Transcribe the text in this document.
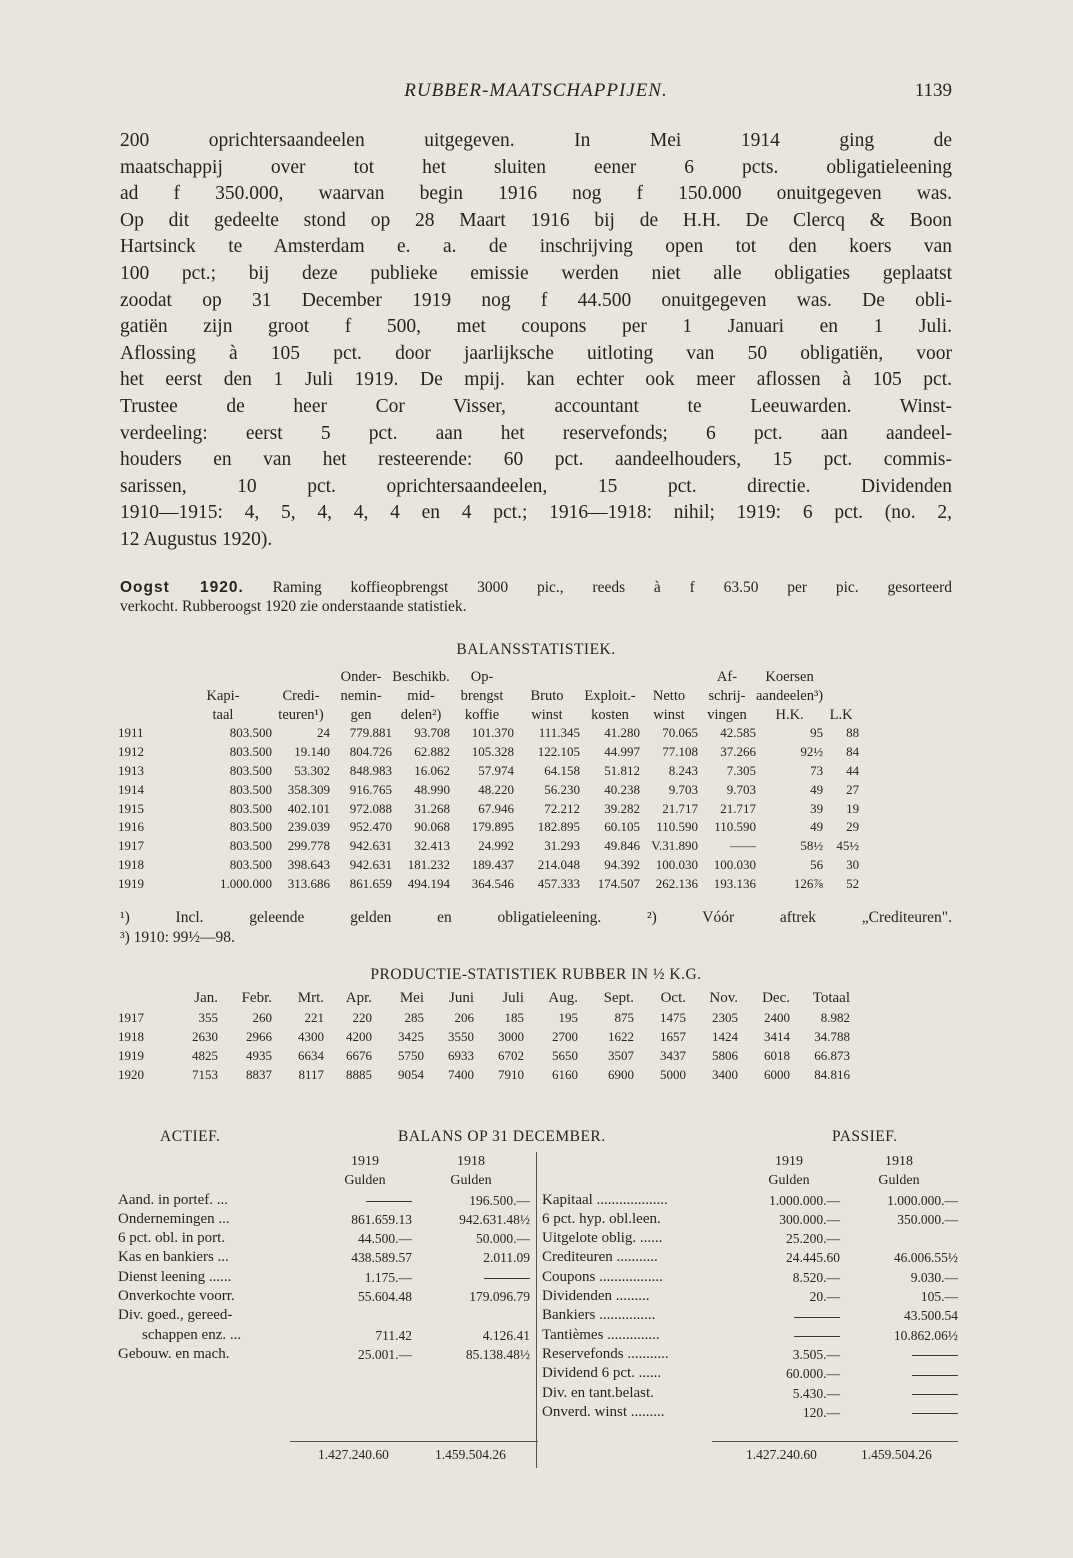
RUBBER-MAATSCHAPPIJEN.	1139
200	oprichtersaandeelen uitgegeven. In Mei 1914 ging de
maatschappij over tot het sluiten eener 6 pcts. obligatieleening
ad f 350.000, waarvan begin 1916 nog f 150.000 onuitgegeven was.
Op dit gedeelte stond op 28 Maart 1916 bij de H.H. De Clercq & Boon
Hartsinck te Amsterdam e. a. de inschrijving open tot den koers van
100 pct.; bij deze publieke emissie werden niet alle obligaties geplaatst
zoodat op 31 December 1919 nog f 44.500 onuitgegeven was. De obli-
gatiën zijn groot f 500, met coupons per 1 Januari en 1 Juli.
Aflossing à 105 pct. door jaarlijksche uitloting van 50 obligatiën, voor
het eerst den 1 Juli 1919. De mpij. kan echter ook meer aflossen à 105 pct.
Trustee de heer Cor Visser, accountant te Leeuwarden. Winst-
verdeeling: eerst 5 pct. aan het reservefonds; 6 pct. aan aandeel-
houders en van het resteerende: 60 pct. aandeelhouders, 15 pct. commis-
sarissen, 10 pct. oprichtersaandeelen, 15 pct. directie. Dividenden
1910—1915: 4, 5, 4, 4, 4 en 4 pct.; 1916—1918: nihil; 1919: 6 pct. (no. 2,
12 Augustus 1920).
Oogst 1920. Raming koffieopbrengst 3000 pic., reeds à f 63.50 per pic. gesorteerd
verkocht. Rubberoogst 1920 zie onderstaande statistiek.
BALANSSTATISTIEK.
			Onder-	Beschikb.	Op-				Af-	Koersen	
	Kapi-	Credi-	nemin-	mid-	brengst	Bruto	Exploit.-	Netto	schrij-	aandeelen³)	
	taal	teuren¹)	gen	delen²)	koffie	winst	kosten	winst	vingen	H.K.	L.K
1911	803.500	24	779.881	93.708	101.370	111.345	41.280	70.065	42.585	95	88
1912	803.500	19.140	804.726	62.882	105.328	122.105	44.997	77.108	37.266	92½	84
1913	803.500	53.302	848.983	16.062	57.974	64.158	51.812	8.243	7.305	73	44
1914	803.500	358.309	916.765	48.990	48.220	56.230	40.238	9.703	9.703	49	27
1915	803.500	402.101	972.088	31.268	67.946	72.212	39.282	21.717	21.717	39	19
1916	803.500	239.039	952.470	90.068	179.895	182.895	60.105	110.590	110.590	49	29
1917	803.500	299.778	942.631	32.413	24.992	31.293	49.846	V.31.890	——	58½	45½
1918	803.500	398.643	942.631	181.232	189.437	214.048	94.392	100.030	100.030	56	30
1919	1.000.000	313.686	861.659	494.194	364.546	457.333	174.507	262.136	193.136	126⅞	52
¹) Incl. geleende gelden en obligatieleening. ²) Vóór aftrek „Crediteuren".
³) 1910: 99½—98.
PRODUCTIE-STATISTIEK RUBBER IN ½ K.G.
	Jan.	Febr.	Mrt.	Apr.	Mei	Juni	Juli	Aug.	Sept.	Oct.	Nov.	Dec.	Totaal
1917	355	260	221	220	285	206	185	195	875	1475	2305	2400	8.982
1918	2630	2966	4300	4200	3425	3550	3000	2700	1622	1657	1424	3414	34.788
1919	4825	4935	6634	6676	5750	6933	6702	5650	3507	3437	5806	6018	66.873
1920	7153	8837	8117	8885	9054	7400	7910	6160	6900	5000	3400	6000	84.816
ACTIEF.	BALANS OP 31 DECEMBER.	PASSIEF.
	1919	1918
	Gulden	Gulden
Aand. in portef. ...		196.500.—
Ondernemingen ...	861.659.13	942.631.48½
6 pct. obl. in port.	44.500.—	50.000.—
Kas en bankiers ...	438.589.57	2.011.09
Dienst leening ......	1.175.—	
Onverkochte voorr.	55.604.48	179.096.79
Div. goed., gereed-		
schappen enz. ...	711.42	4.126.41
Gebouw. en mach.	25.001.—	85.138.48½
	1919	1918
	Gulden	Gulden
Kapitaal ...................	1.000.000.—	1.000.000.—
6 pct. hyp. obl.leen.	300.000.—	350.000.—
Uitgelote oblig. ......	25.200.—	
Crediteuren ...........	24.445.60	46.006.55½
Coupons .................	8.520.—	9.030.—
Dividenden .........	20.—	105.—
Bankiers ...............		43.500.54
Tantièmes ..............		10.862.06½
Reservefonds ...........	3.505.—	
Dividend 6 pct. ......	60.000.—	
Div. en tant.belast.	5.430.—	
Onverd. winst .........	120.—	
1.427.240.60	1.459.504.26	1.427.240.60	1.459.504.26
